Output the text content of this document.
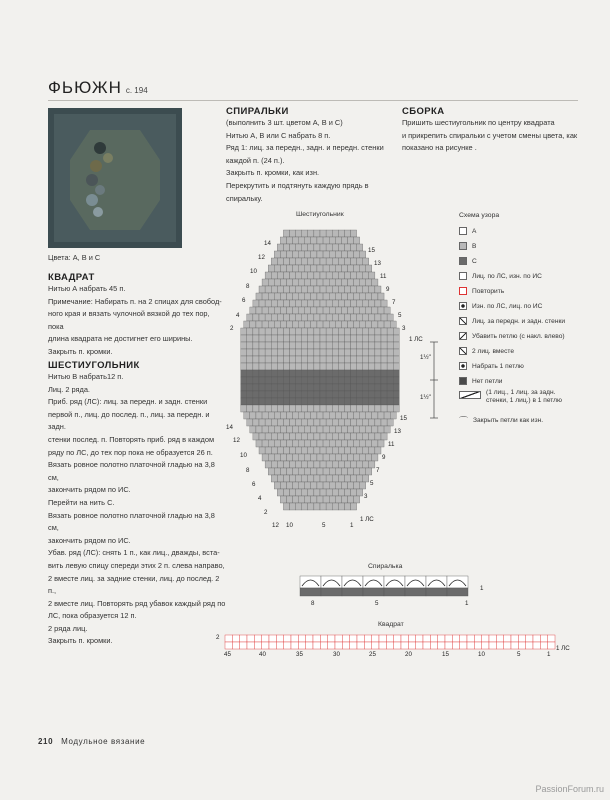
ФЬЮЖН с. 194
Цвета: А, В и С
КВАДРАТ
Нитью А набрать 45 п.
Примечание: Набирать п. на 2 спицах для свобод-
ного края и вязать чулочной вязкой до тех пор, пока
длина квадрата не достигнет его ширины.
Закрыть п. кромки.
ШЕСТИУГОЛЬНИК
Нитью В набрать12 п.
Лиц. 2 ряда.
Приб. ряд (ЛС): лиц. за передн. и задн. стенки
первой п., лиц. до послед. п., лиц. за передн. и задн.
стенки послед. п. Повторять приб. ряд в каждом
ряду по ЛС, до тех пор пока не образуется 26 п.
Вязать ровное полотно платочной гладью на 3,8 см,
закончить рядом по ИС.
Перейти на нить С.
Вязать ровное полотно платочной гладью на 3,8 см,
закончить рядом по ИС.
Убав. ряд (ЛС): снять 1 п., как лиц., дважды, вста-
вить левую спицу спереди этих 2 п. слева направо,
2 вместе лиц. за задние стенки, лиц. до послед. 2 п.,
2 вместе лиц. Повторять ряд убавок каждый ряд по
ЛС, пока образуется 12 п.
2 ряда лиц.
Закрыть п. кромки.
СПИРАЛЬКИ
(выполнить 3 шт. цветом А, В и С)
Нитью А, В или С набрать 8 п.
Ряд 1: лиц. за передн., задн. и передн. стенки
каждой п. (24 п.).
Закрыть п. кромки, как изн.
Перекрутить и подтянуть каждую прядь в спиральку.
СБОРКА
Пришить шестиугольник по центру квадрата
и прикрепить спиральки с учетом смены цвета, как
показано на рисунке .
Шестиугольник
15
13
11
9
7
5
3
1 ЛС
15
13
11
9
7
5
3
1 ЛС
14
12
10
8
6
4
2
14
12
10
8
6
4
2
12 10	5	1
1½"
1½"
Схема узора
А
В
С
Лиц. по ЛС, изн. по ИС
Повторить
Изн. по ЛС, лиц. по ИС
Лиц. за передн. и задн. стенки
Убавить петлю (с накл. влево)
2 лиц. вместе
Набрать 1 петлю
Нет петли
(1 лиц., 1 лиц. за задн. стенки, 1 лиц.) в 1 петлю
⌒ Закрыть петли как изн.
Спиралька
1
8	5	1
Квадрат
2
1 ЛС
45	40	35	30	25	20	15	10	5	1
210 Модульное вязание
PassionForum.ru
